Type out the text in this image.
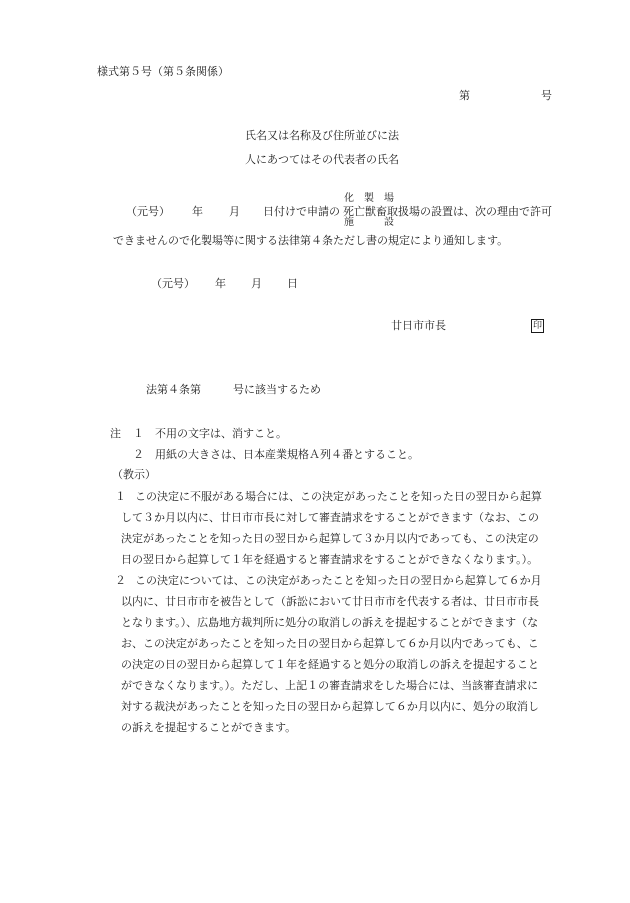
様式第５号（第５条関係）
第	号
氏名又は名称及び住所並びに法
人にあつてはその代表者の氏名
（元号） 年 月 日付けで申請の
化　製　場
死亡獣畜取扱場
施　　　設
の設置は、次の理由で許可
できませんので化製場等に関する法律第４条ただし書の規定により通知します。
（元号） 年 月 日
廿日市市長	印
法第４条第	号に該当するため
注 １ 不用の文字は、消すこと。
２ 用紙の大きさは、日本産業規格Ａ列４番とすること。
（教示）
１ この決定に不服がある場合には、この決定があったことを知った日の翌日から起算
して３か月以内に、廿日市市長に対して審査請求をすることができます（なお、この
決定があったことを知った日の翌日から起算して３か月以内であっても、この決定の
日の翌日から起算して１年を経過すると審査請求をすることができなくなります。）。
２ この決定については、この決定があったことを知った日の翌日から起算して６か月
以内に、廿日市市を被告として（訴訟において廿日市市を代表する者は、廿日市市長
となります。）、広島地方裁判所に処分の取消しの訴えを提起することができます（な
お、この決定があったことを知った日の翌日から起算して６か月以内であっても、こ
の決定の日の翌日から起算して１年を経過すると処分の取消しの訴えを提起すること
ができなくなります。）。ただし、上記１の審査請求をした場合には、当該審査請求に
対する裁決があったことを知った日の翌日から起算して６か月以内に、処分の取消し
の訴えを提起することができます。
